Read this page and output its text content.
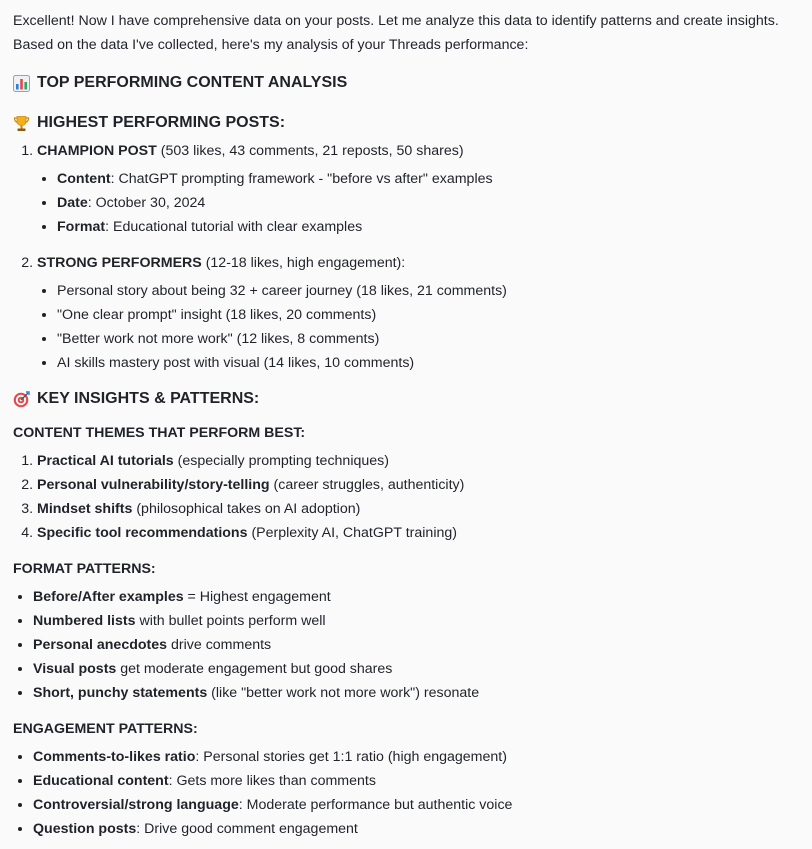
Excellent! Now I have comprehensive data on your posts. Let me analyze this data to identify patterns and create insights.

Based on the data I've collected, here's my analysis of your Threads performance:

TOP PERFORMING CONTENT ANALYSIS
HIGHEST PERFORMING POSTS:
1. CHAMPION POST (503 likes, 43 comments, 21 reposts, 50 shares)
• Content: ChatGPT prompting framework - "before vs after" examples
• Date: October 30, 2024
• Format: Educational tutorial with clear examples
2. STRONG PERFORMERS (12-18 likes, high engagement):
• Personal story about being 32 + career journey (18 likes, 21 comments)
• "One clear prompt" insight (18 likes, 20 comments)
• "Better work not more work" (12 likes, 8 comments)
• AI skills mastery post with visual (14 likes, 10 comments)
KEY INSIGHTS & PATTERNS:
CONTENT THEMES THAT PERFORM BEST:
1. Practical AI tutorials (especially prompting techniques)
2. Personal vulnerability/story-telling (career struggles, authenticity)
3. Mindset shifts (philosophical takes on AI adoption)
4. Specific tool recommendations (Perplexity AI, ChatGPT training)
FORMAT PATTERNS:
• Before/After examples = Highest engagement
• Numbered lists with bullet points perform well
• Personal anecdotes drive comments
• Visual posts get moderate engagement but good shares
• Short, punchy statements (like "better work not more work") resonate
ENGAGEMENT PATTERNS:
• Comments-to-likes ratio: Personal stories get 1:1 ratio (high engagement)
• Educational content: Gets more likes than comments
• Controversial/strong language: Moderate performance but authentic voice
• Question posts: Drive good comment engagement
